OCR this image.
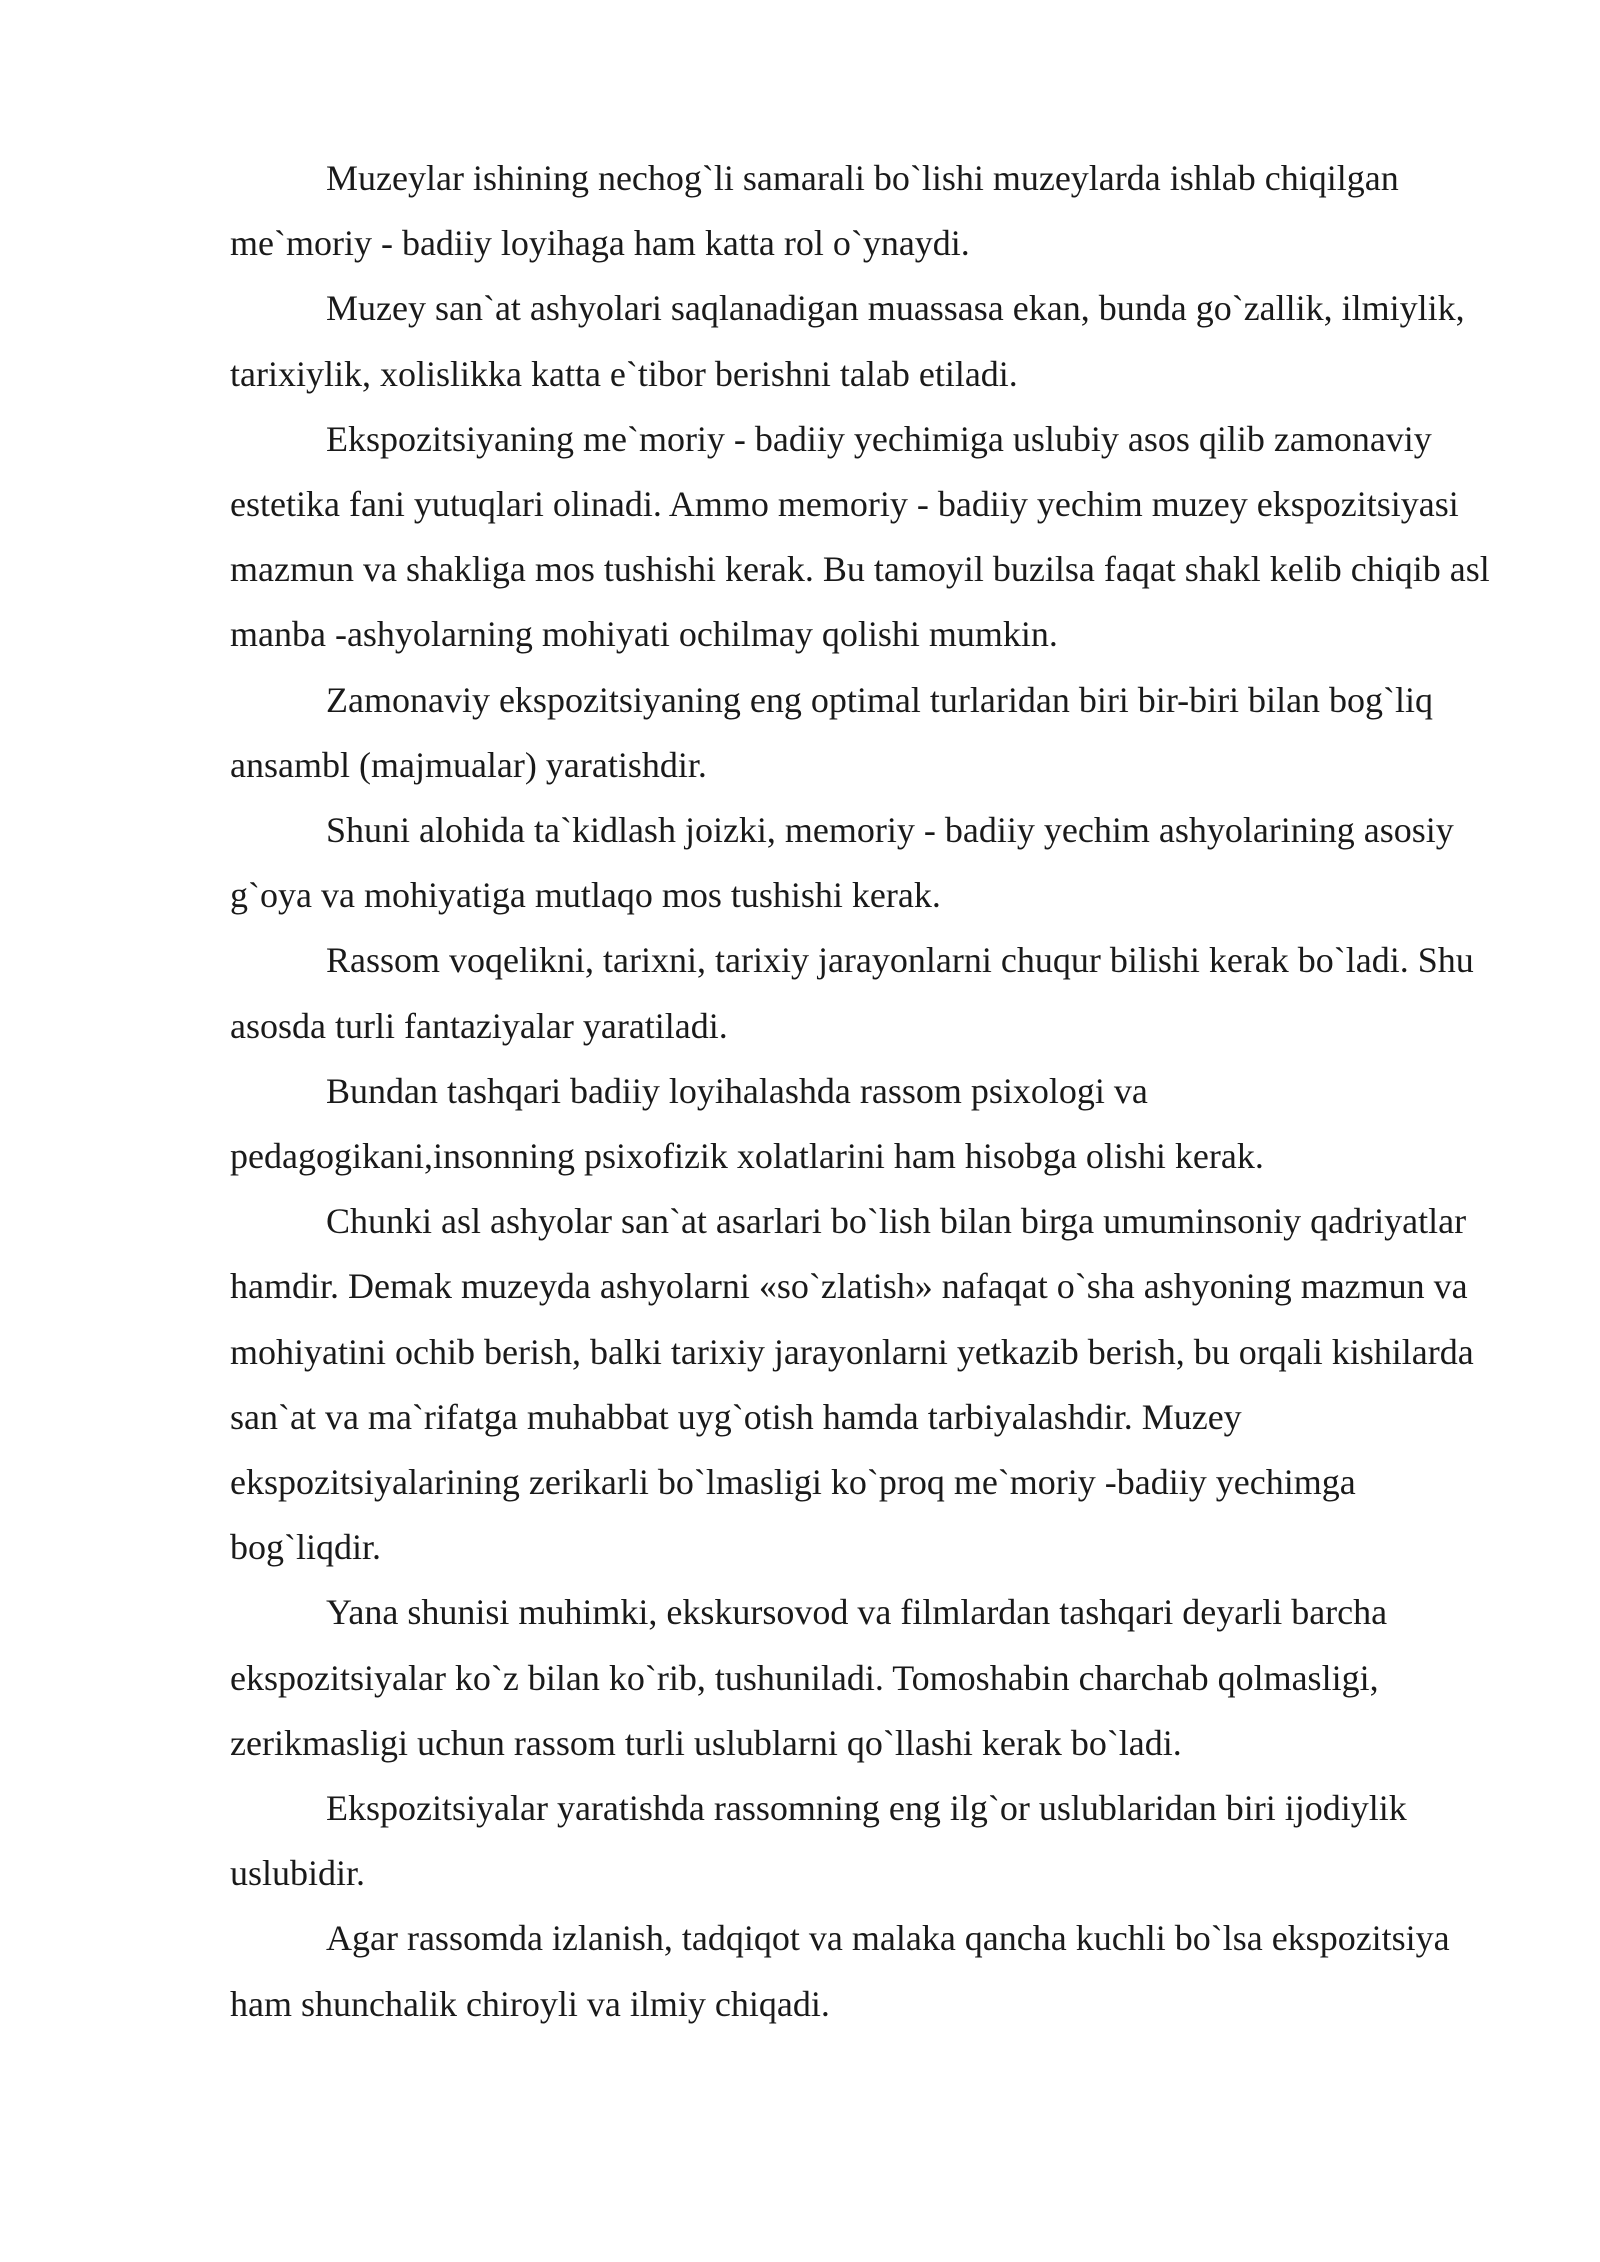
Muzeylar ishining nechog`li samarali bo`lishi muzeylarda ishlab chiqilgan me`moriy - badiiy loyihaga ham katta rol o`ynaydi.

Muzey san`at ashyolari saqlanadigan muassasa ekan, bunda go`zallik, ilmiylik, tarixiylik, xolislikka katta e`tibor berishni talab etiladi.

Ekspozitsiyaning me`moriy - badiiy yechimiga uslubiy asos qilib zamonaviy estetika fani yutuqlari olinadi. Ammo memoriy - badiiy yechim muzey ekspozitsiyasi mazmun va shakliga mos tushishi kerak. Bu tamoyil buzilsa faqat shakl kelib chiqib asl manba -ashyolarning mohiyati ochilmay qolishi mumkin.

Zamonaviy ekspozitsiyaning eng optimal turlaridan biri bir-biri bilan bog`liq ansambl (majmualar) yaratishdir.

Shuni alohida ta`kidlash joizki, memoriy - badiiy yechim ashyolarining asosiy g`oya va mohiyatiga mutlaqo mos tushishi kerak.

Rassom voqelikni, tarixni, tarixiy jarayonlarni chuqur bilishi kerak bo`ladi. Shu asosda turli fantaziyalar yaratiladi.

Bundan tashqari badiiy loyihalashda rassom psixologi va pedagogikani,insonning psixofizik xolatlarini ham hisobga olishi kerak.

Chunki asl ashyolar san`at asarlari bo`lish bilan birga umuminsoniy qadriyatlar hamdir. Demak muzeyda ashyolarni «so`zlatish» nafaqat o`sha ashyoning mazmun va mohiyatini ochib berish, balki tarixiy jarayonlarni yetkazib berish, bu orqali kishilarda san`at va ma`rifatga muhabbat uyg`otish hamda tarbiyalashdir. Muzey ekspozitsiyalarining zerikarli bo`lmasligi ko`proq me`moriy -badiiy yechimga bog`liqdir.

Yana shunisi muhimki, ekskursovod va filmlardan tashqari deyarli barcha ekspozitsiyalar ko`z bilan ko`rib, tushuniladi. Tomoshabin charchab qolmasligi, zerikmasligi uchun rassom turli uslublarni qo`llashi kerak bo`ladi.

Ekspozitsiyalar yaratishda rassomning eng ilg`or uslublaridan biri ijodiylik uslubidir.

Agar rassomda izlanish, tadqiqot va malaka qancha kuchli bo`lsa ekspozitsiya ham shunchalik chiroyli va ilmiy chiqadi.
